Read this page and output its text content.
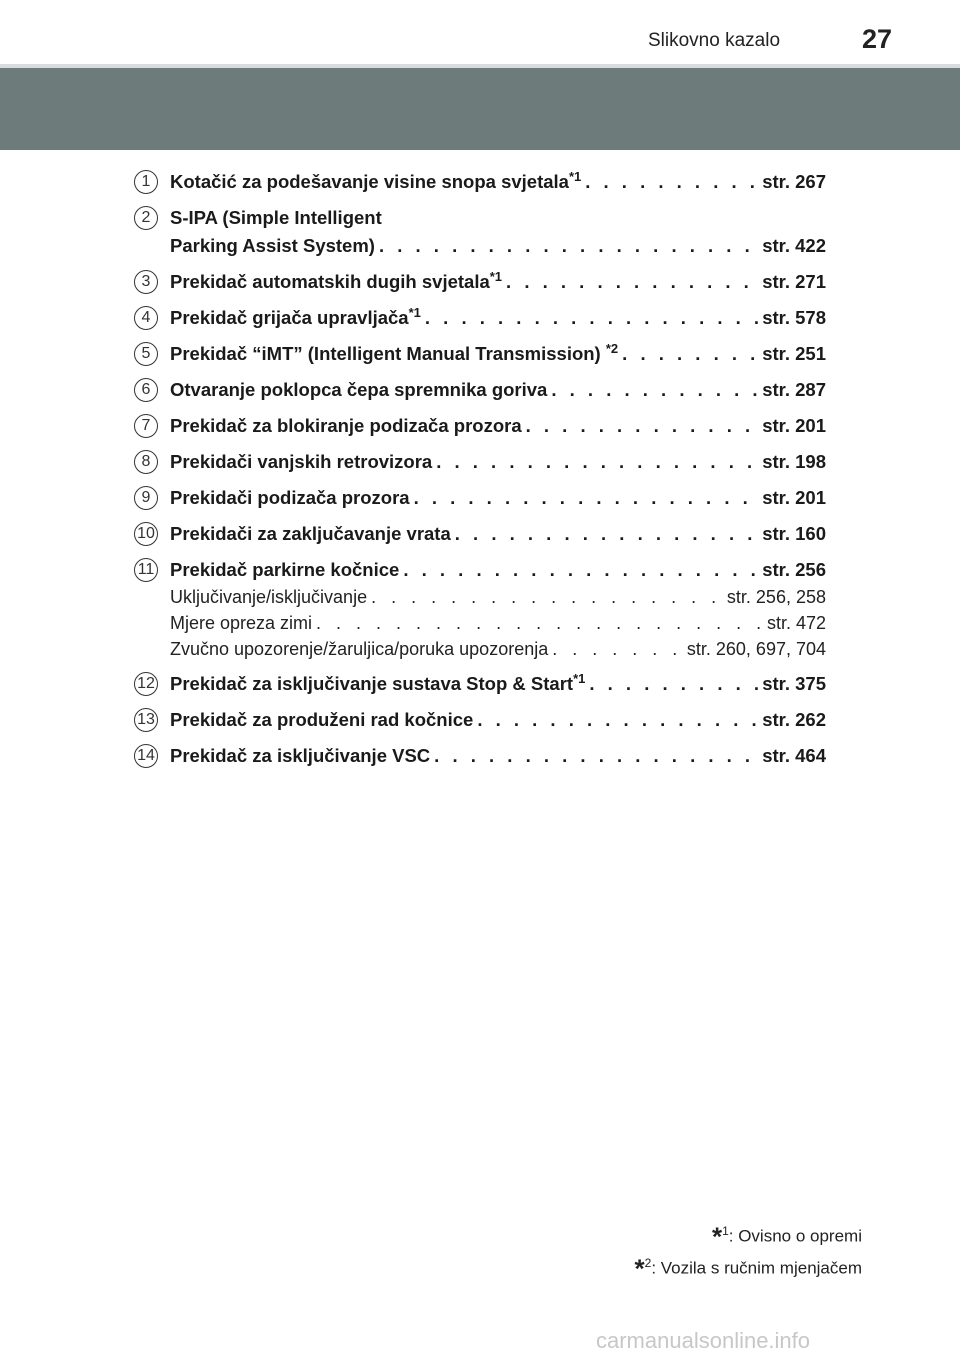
Slikovno kazalo	27
1	Kotačić za podešavanje visine snopa svjetala$^{*1}$ . . .	str. 267
2	S-IPA (Simple Intelligent
Parking Assist System) . . .	str. 422
3	Prekidač automatskih dugih svjetala$^{*1}$ . . .	str. 271
4	Prekidač grijača upravljača$^{*1}$ . . .	str. 578
5	Prekidač “iMT” (Intelligent Manual Transmission) $^{*2}$ . . .	str. 251
6	Otvaranje poklopca čepa spremnika goriva . . .	str. 287
7	Prekidač za blokiranje podizača prozora . . .	str. 201
8	Prekidači vanjskih retrovizora . . .	str. 198
9	Prekidači podizača prozora . . .	str. 201
10 Prekidači za zaključavanje vrata . . .	str. 160
11 Prekidač parkirne kočnice . . .	str. 256
Uključivanje/isključivanje . . .	str. 256, 258
Mjere opreza zimi . . .	str. 472
Zvučno upozorenje/žaruljica/poruka upozorenja . . .	str. 260, 697, 704
12 Prekidač za isključivanje sustava Stop & Start$^{*1}$ . . .	str. 375
13 Prekidač za produženi rad kočnice . . .	str. 262
14 Prekidač za isključivanje VSC . . .	str. 464
*$^1$: Ovisno o opremi
*$^2$: Vozila s ručnim mjenjačem
carmanualsonline.info
